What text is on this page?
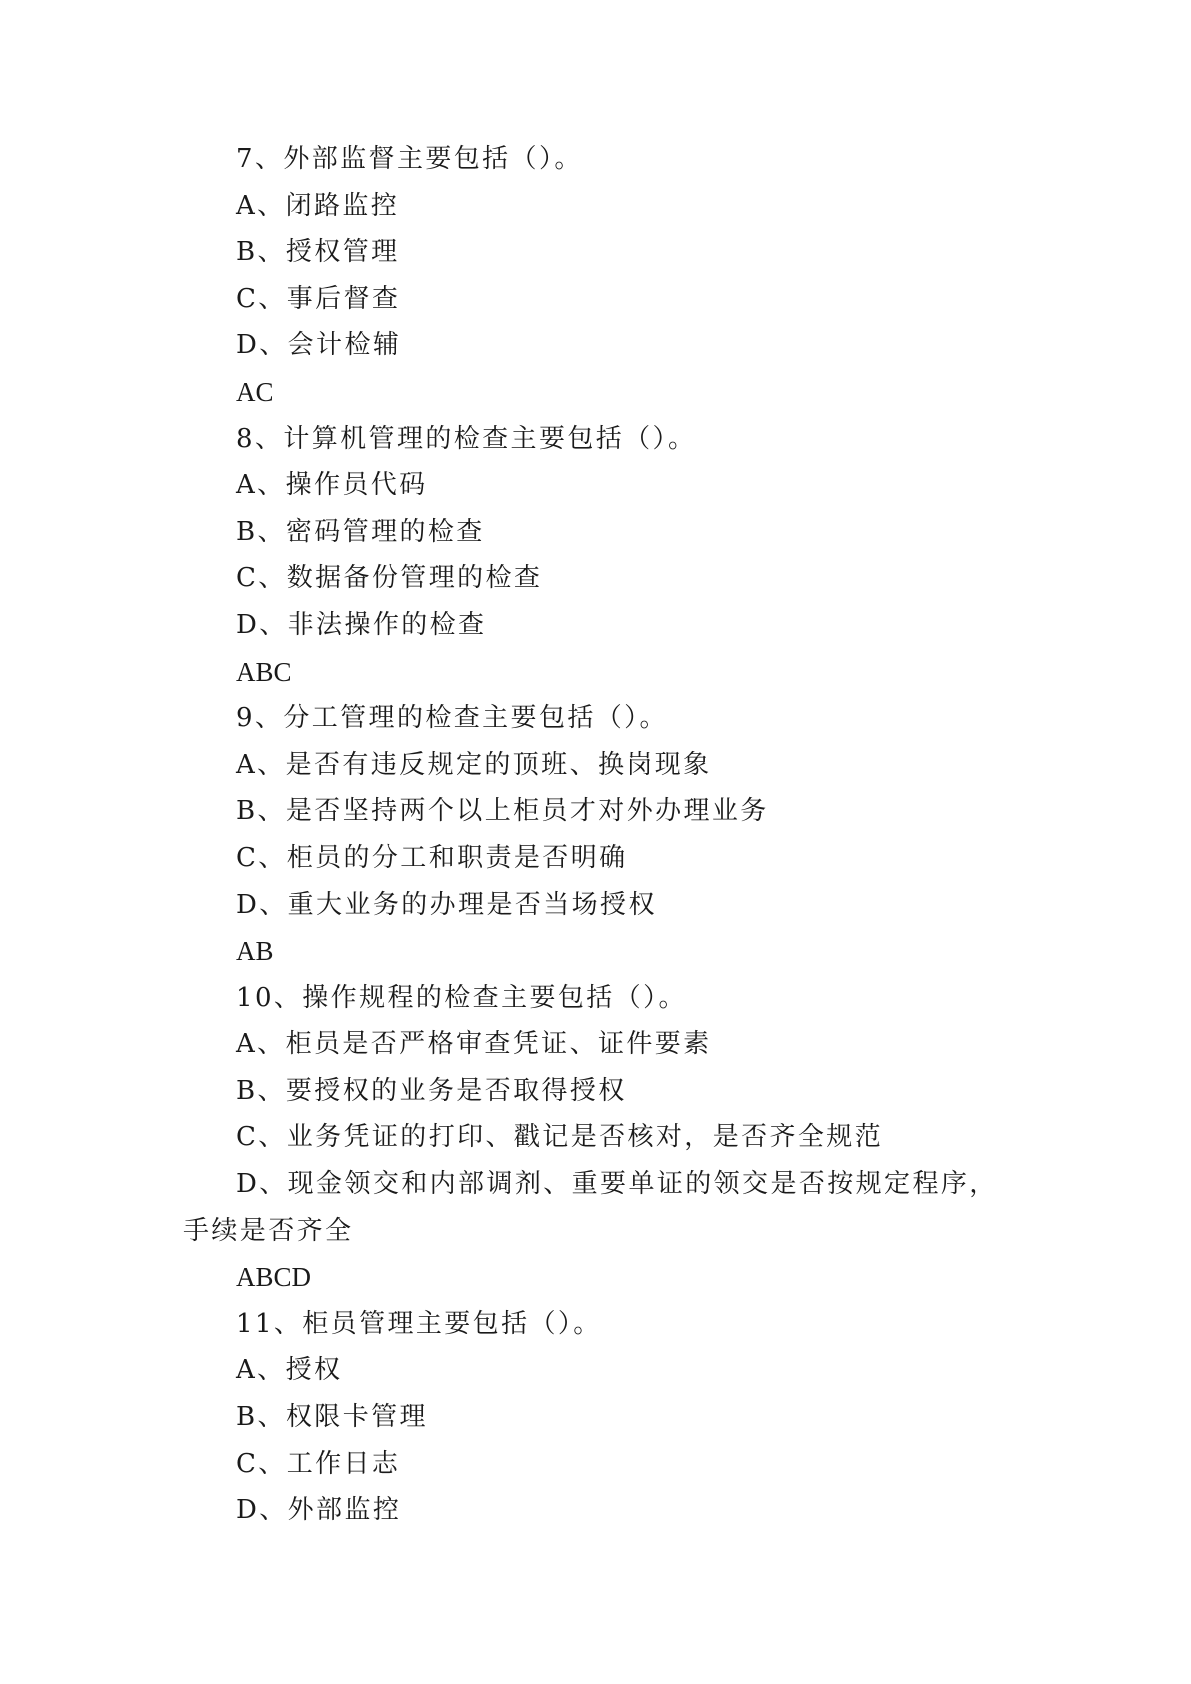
7、外部监督主要包括（）。
A、闭路监控
B、授权管理
C、事后督查
D、会计检辅
AC
8、计算机管理的检查主要包括（）。
A、操作员代码
B、密码管理的检查
C、数据备份管理的检查
D、非法操作的检查
ABC
9、分工管理的检查主要包括（）。
A、是否有违反规定的顶班、换岗现象
B、是否坚持两个以上柜员才对外办理业务
C、柜员的分工和职责是否明确
D、重大业务的办理是否当场授权
AB
10、操作规程的检查主要包括（）。
A、柜员是否严格审查凭证、证件要素
B、要授权的业务是否取得授权
C、业务凭证的打印、戳记是否核对，是否齐全规范
D、现金领交和内部调剂、重要单证的领交是否按规定程序，手续是否齐全
ABCD
11、柜员管理主要包括（）。
A、授权
B、权限卡管理
C、工作日志
D、外部监控
